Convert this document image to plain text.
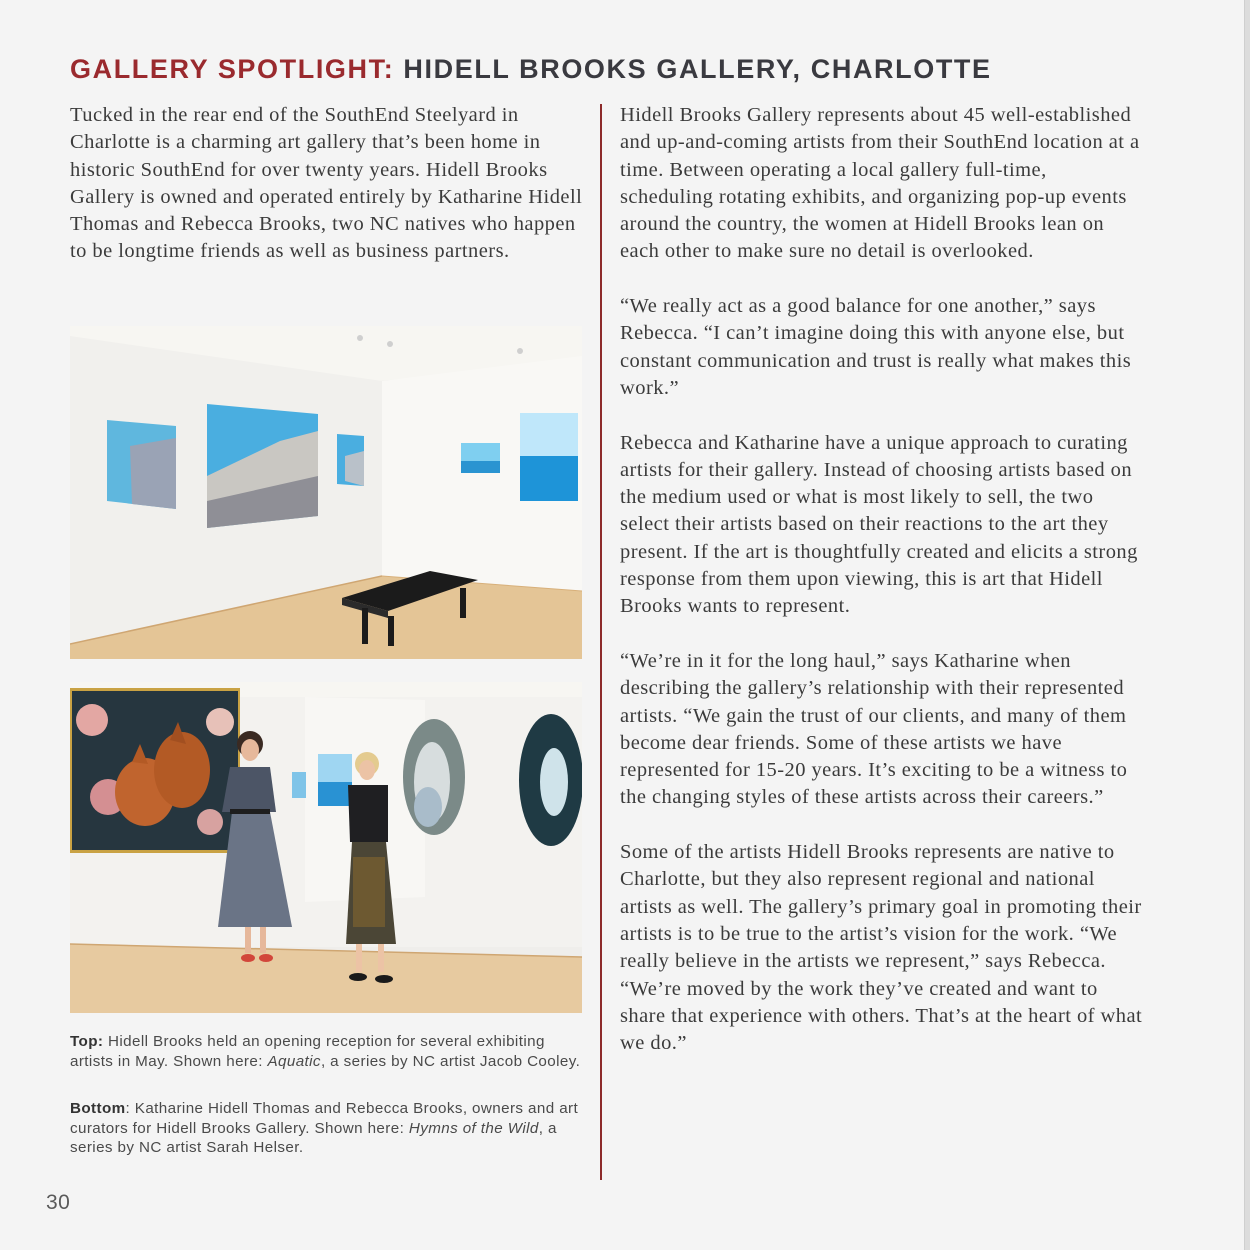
GALLERY SPOTLIGHT: HIDELL BROOKS GALLERY, CHARLOTTE

Tucked in the rear end of the SouthEnd Steelyard in Charlotte is a charming art gallery that’s been home in historic SouthEnd for over twenty years. Hidell Brooks Gallery is owned and operated entirely by Katharine Hidell Thomas and Rebecca Brooks, two NC natives who happen to be longtime friends as well as business partners.

Top: Hidell Brooks held an opening reception for several exhibiting artists in May. Shown here: Aquatic, a series by NC artist Jacob Cooley.

Bottom: Katharine Hidell Thomas and Rebecca Brooks, owners and art curators for Hidell Brooks Gallery. Shown here: Hymns of the Wild, a series by NC artist Sarah Helser.

Hidell Brooks Gallery represents about 45 well-established and up-and-coming artists from their SouthEnd location at a time. Between operating a local gallery full-time, scheduling rotating exhibits, and organizing pop-up events around the country, the women at Hidell Brooks lean on each other to make sure no detail is overlooked.

“We really act as a good balance for one another,” says Rebecca. “I can’t imagine doing this with anyone else, but constant communication and trust is really what makes this work.”

Rebecca and Katharine have a unique approach to curating artists for their gallery. Instead of choosing artists based on the medium used or what is most likely to sell, the two select their artists based on their reactions to the art they present. If the art is thoughtfully created and elicits a strong response from them upon viewing, this is art that Hidell Brooks wants to represent.

“We’re in it for the long haul,” says Katharine when describing the gallery’s relationship with their represented artists. “We gain the trust of our clients, and many of them become dear friends. Some of these artists we have represented for 15-20 years. It’s exciting to be a witness to the changing styles of these artists across their careers.”

Some of the artists Hidell Brooks represents are native to Charlotte, but they also represent regional and national artists as well. The gallery’s primary goal in promoting their artists is to be true to the artist’s vision for the work. “We really believe in the artists we represent,” says Rebecca. “We’re moved by the work they’ve created and want to share that experience with others. That’s at the heart of what we do.”

30
